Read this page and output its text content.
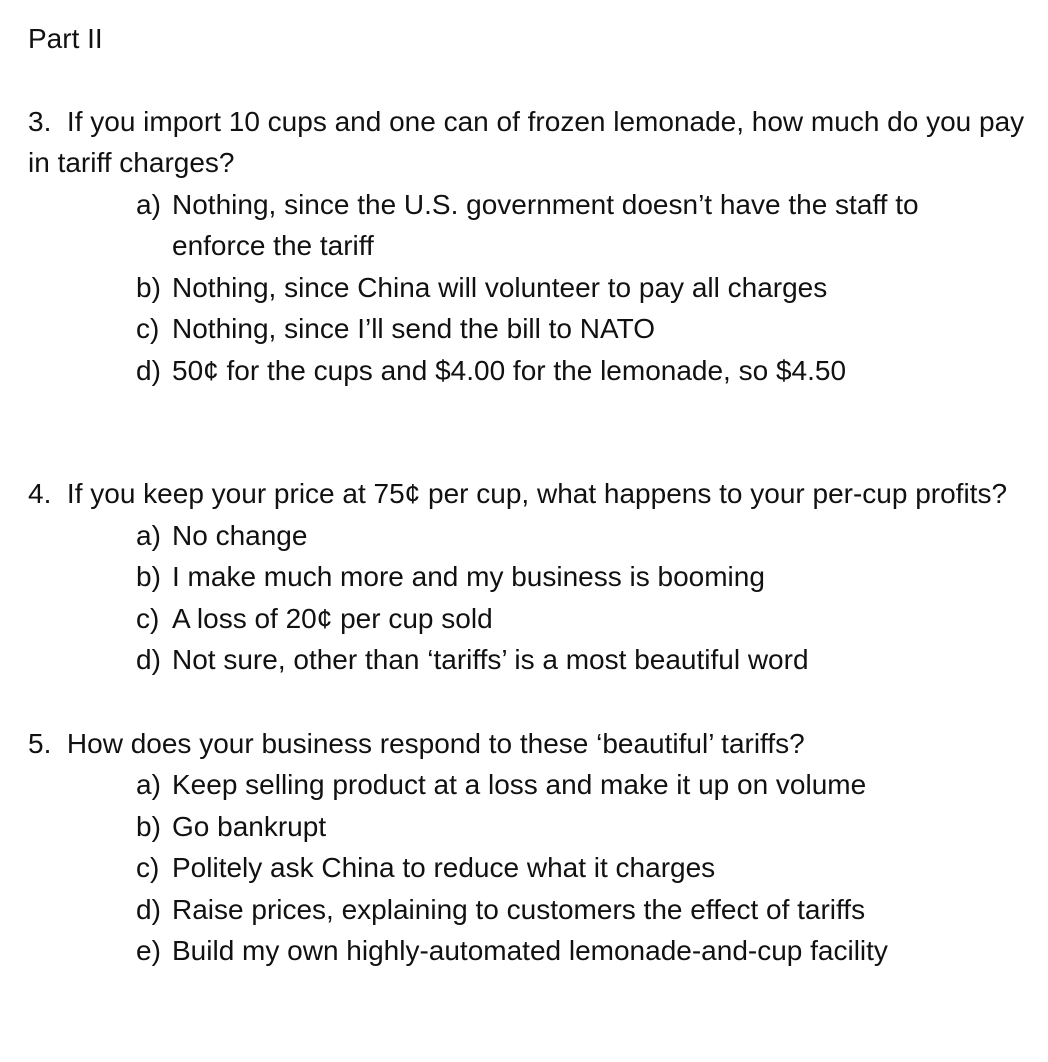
Part II

3. If you import 10 cups and one can of frozen lemonade, how much do you pay in tariff charges?

a) Nothing, since the U.S. government doesn’t have the staff to enforce the tariff
b) Nothing, since China will volunteer to pay all charges
c) Nothing, since I’ll send the bill to NATO
d) 50¢ for the cups and $4.00 for the lemonade, so $4.50

4. If you keep your price at 75¢ per cup, what happens to your per-cup profits?

a) No change
b) I make much more and my business is booming
c) A loss of 20¢ per cup sold
d) Not sure, other than ‘tariffs’ is a most beautiful word

5. How does your business respond to these ‘beautiful’ tariffs?

a) Keep selling product at a loss and make it up on volume
b) Go bankrupt
c) Politely ask China to reduce what it charges
d) Raise prices, explaining to customers the effect of tariffs
e) Build my own highly-automated lemonade-and-cup facility
